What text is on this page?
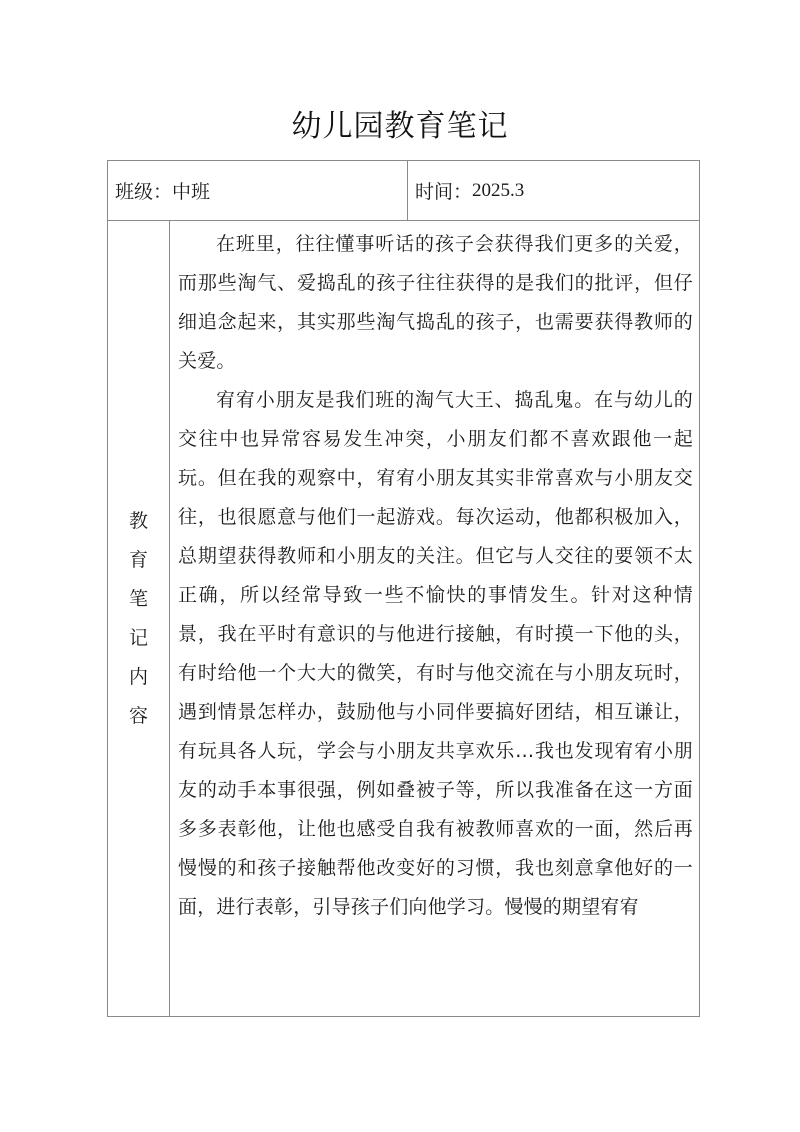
幼儿园教育笔记
班级： 中班	时间： 2025.3
教
育
笔
记
内
容

在班里，往往懂事听话的孩子会获得我们更多的关爱，而那些淘气、爱捣乱的孩子往往获得的是我们的批评，但仔细追念起来，其实那些淘气捣乱的孩子，也需要获得教师的关爱。

宥宥小朋友是我们班的淘气大王、捣乱鬼。在与幼儿的交往中也异常容易发生冲突，小朋友们都不喜欢跟他一起玩。但在我的观察中，宥宥小朋友其实非常喜欢与小朋友交往，也很愿意与他们一起游戏。每次运动，他都积极加入，总期望获得教师和小朋友的关注。但它与人交往的要领不太正确，所以经常导致一些不愉快的事情发生。针对这种情景，我在平时有意识的与他进行接触，有时摸一下他的头，有时给他一个大大的微笑，有时与他交流在与小朋友玩时，遇到情景怎样办，鼓励他与小同伴要搞好团结，相互谦让，有玩具各人玩，学会与小朋友共享欢乐…我也发现宥宥小朋友的动手本事很强，例如叠被子等，所以我准备在这一方面多多表彰他，让他也感受自我有被教师喜欢的一面，然后再慢慢的和孩子接触帮他改变好的习惯，我也刻意拿他好的一面，进行表彰，引导孩子们向他学习。慢慢的期望宥宥
